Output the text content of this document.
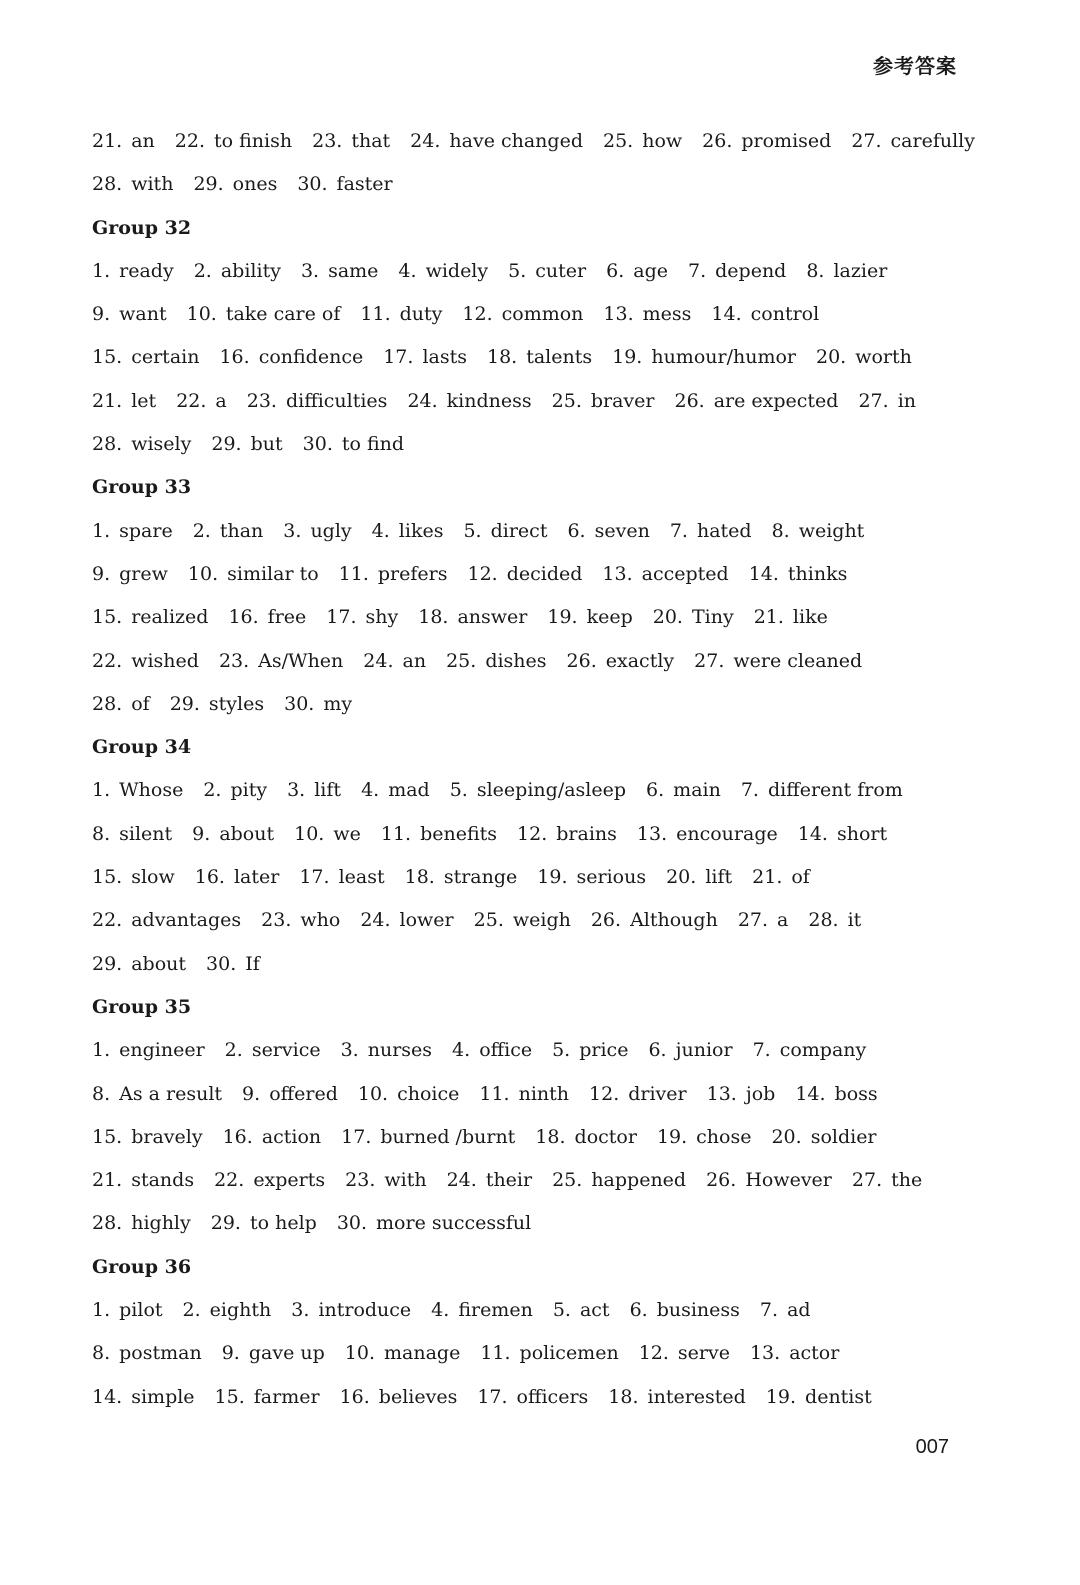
参考答案
21. an 22. to finish 23. that 24. have changed 25. how 26. promised 27. carefully
28. with 29. ones 30. faster
Group 32
1. ready 2. ability 3. same 4. widely 5. cuter 6. age 7. depend 8. lazier
9. want 10. take care of 11. duty 12. common 13. mess 14. control
15. certain 16. confidence 17. lasts 18. talents 19. humour/humor 20. worth
21. let 22. a 23. difficulties 24. kindness 25. braver 26. are expected 27. in
28. wisely 29. but 30. to find
Group 33
1. spare 2. than 3. ugly 4. likes 5. direct 6. seven 7. hated 8. weight
9. grew 10. similar to 11. prefers 12. decided 13. accepted 14. thinks
15. realized 16. free 17. shy 18. answer 19. keep 20. Tiny 21. like
22. wished 23. As/When 24. an 25. dishes 26. exactly 27. were cleaned
28. of 29. styles 30. my
Group 34
1. Whose 2. pity 3. lift 4. mad 5. sleeping/asleep 6. main 7. different from
8. silent 9. about 10. we 11. benefits 12. brains 13. encourage 14. short
15. slow 16. later 17. least 18. strange 19. serious 20. lift 21. of
22. advantages 23. who 24. lower 25. weigh 26. Although 27. a 28. it
29. about 30. If
Group 35
1. engineer 2. service 3. nurses 4. office 5. price 6. junior 7. company
8. As a result 9. offered 10. choice 11. ninth 12. driver 13. job 14. boss
15. bravely 16. action 17. burned /burnt 18. doctor 19. chose 20. soldier
21. stands 22. experts 23. with 24. their 25. happened 26. However 27. the
28. highly 29. to help 30. more successful
Group 36
1. pilot 2. eighth 3. introduce 4. firemen 5. act 6. business 7. ad
8. postman 9. gave up 10. manage 11. policemen 12. serve 13. actor
14. simple 15. farmer 16. believes 17. officers 18. interested 19. dentist
007
